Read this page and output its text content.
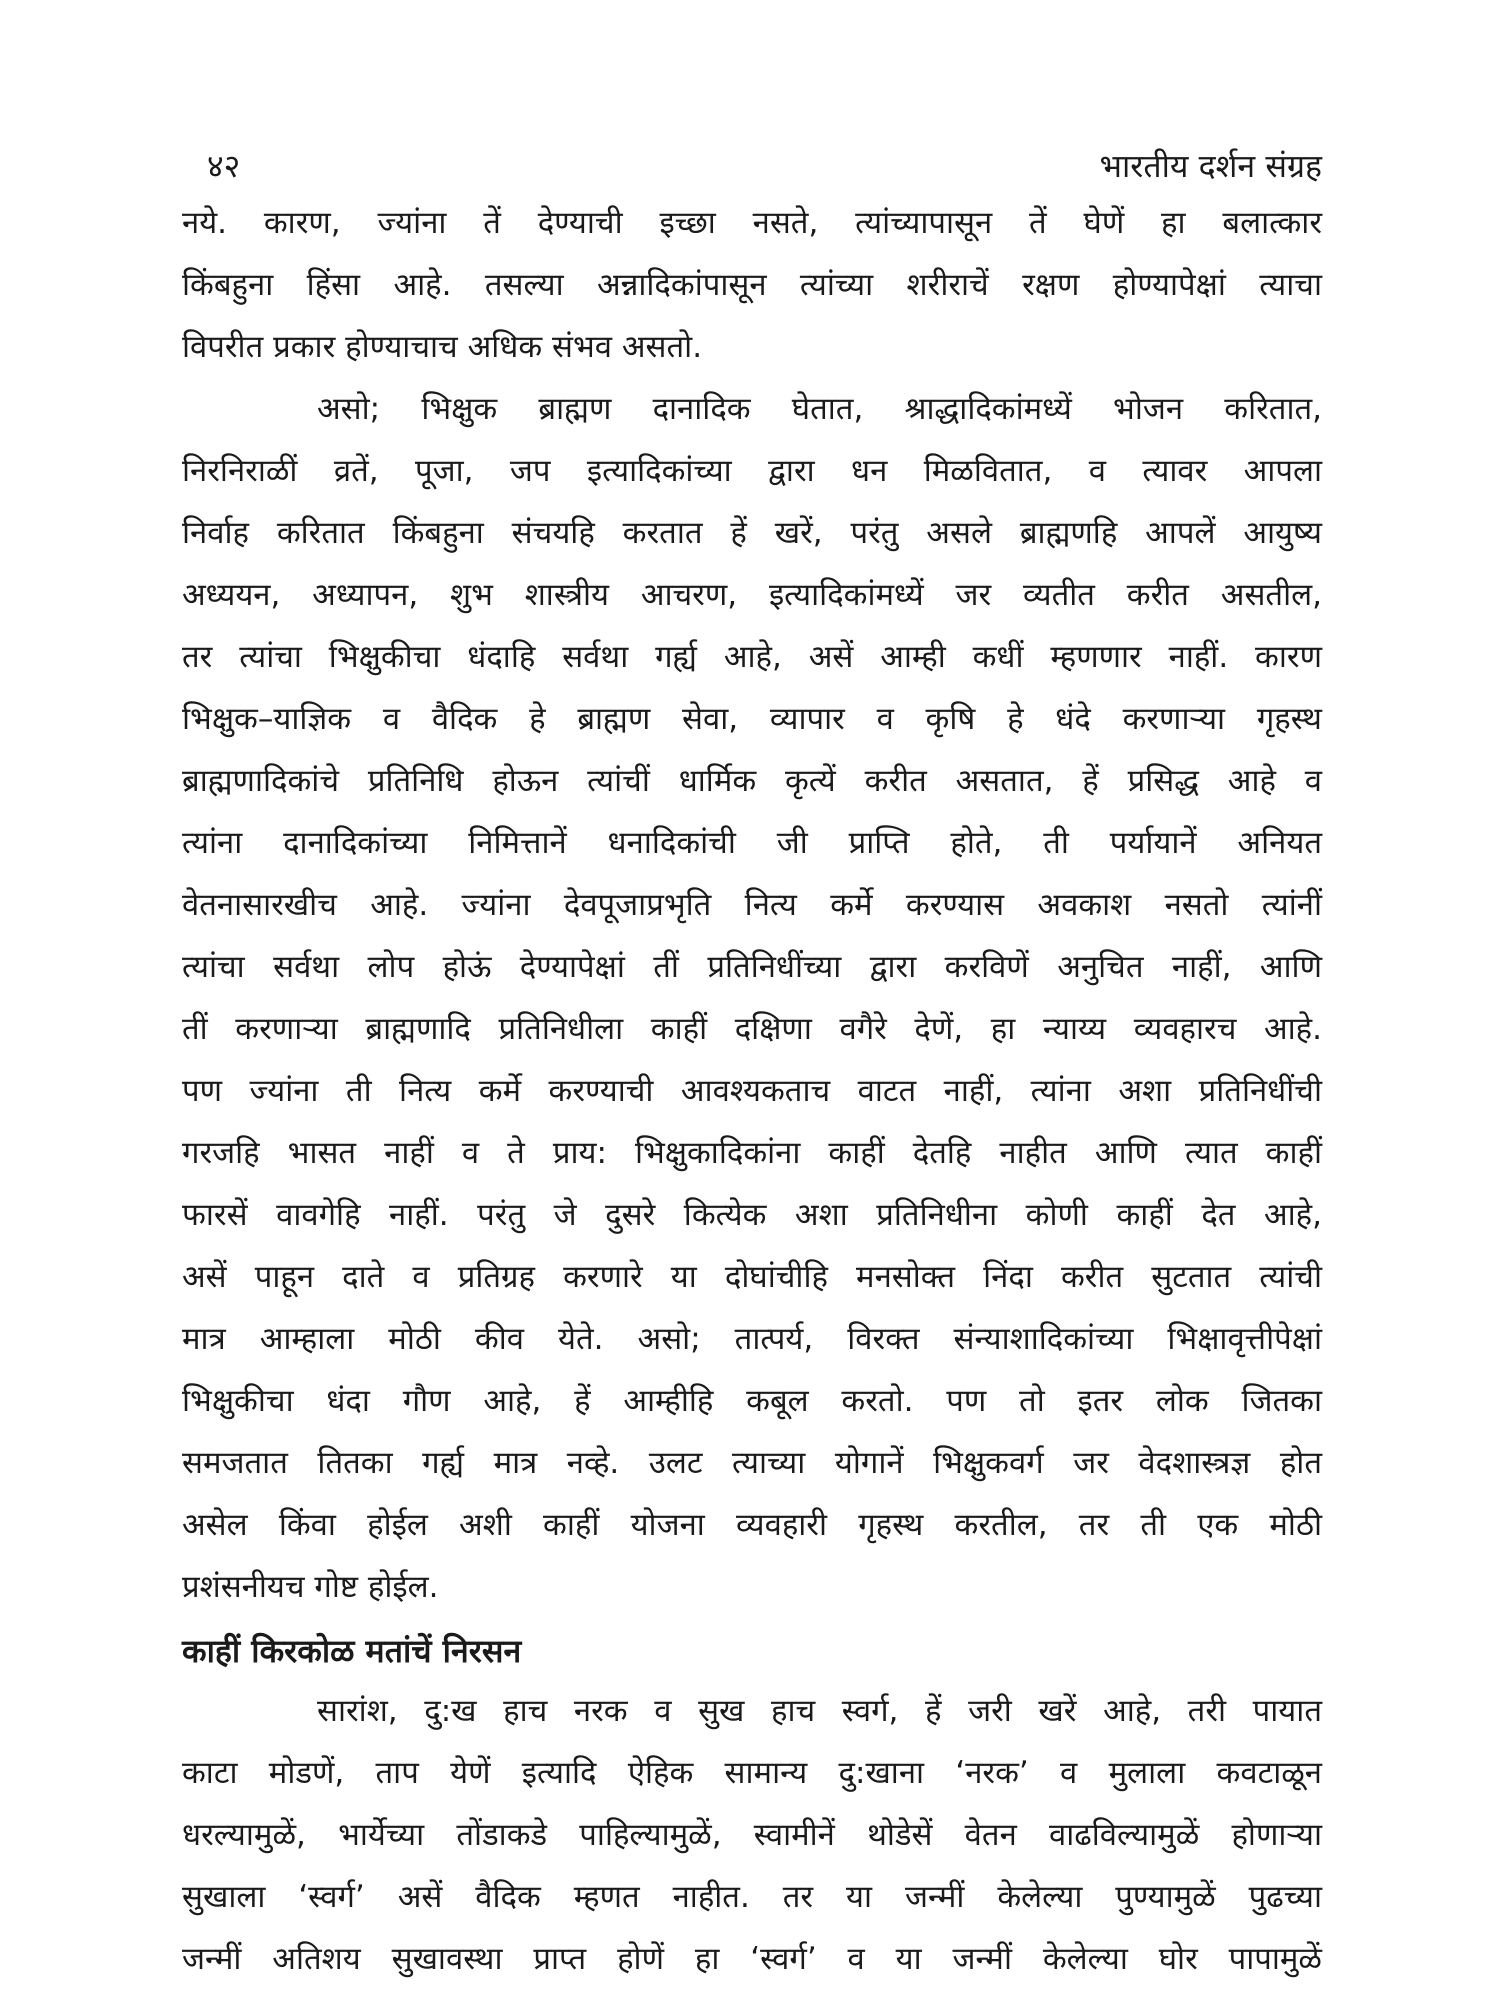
४२	भारतीय दर्शन संग्रह
नये. कारण, ज्यांना तें देण्याची इच्छा नसते, त्यांच्यापासून तें घेणें हा बलात्कार
किंबहुना हिंसा आहे. तसल्या अन्नादिकांपासून त्यांच्या शरीराचें रक्षण होण्यापेक्षां त्याचा
विपरीत प्रकार होण्याचाच अधिक संभव असतो.
असो; भिक्षुक ब्राह्मण दानादिक घेतात, श्राद्धादिकांमध्यें भोजन करितात,
निरनिराळीं व्रतें, पूजा, जप इत्यादिकांच्या द्वारा धन मिळवितात, व त्यावर आपला
निर्वाह करितात किंबहुना संचयहि करतात हें खरें, परंतु असले ब्राह्मणहि आपलें आयुष्य
अध्ययन, अध्यापन, शुभ शास्त्रीय आचरण, इत्यादिकांमध्यें जर व्यतीत करीत असतील,
तर त्यांचा भिक्षुकीचा धंदाहि सर्वथा गर्ह्य आहे, असें आम्ही कधीं म्हणणार नाहीं. कारण
भिक्षुक–याज्ञिक व वैदिक हे ब्राह्मण सेवा, व्यापार व कृषि हे धंदे करणाऱ्या गृहस्थ
ब्राह्मणादिकांचे प्रतिनिधि होऊन त्यांचीं धार्मिक कृत्यें करीत असतात, हें प्रसिद्ध आहे व
त्यांना दानादिकांच्या निमित्तानें धनादिकांची जी प्राप्ति होते, ती पर्यायानें अनियत
वेतनासारखीच आहे. ज्यांना देवपूजाप्रभृति नित्य कर्मे करण्यास अवकाश नसतो त्यांनीं
त्यांचा सर्वथा लोप होऊं देण्यापेक्षां तीं प्रतिनिधींच्या द्वारा करविणें अनुचित नाहीं, आणि
तीं करणाऱ्या ब्राह्मणादि प्रतिनिधीला काहीं दक्षिणा वगैरे देणें, हा न्याय्य व्यवहारच आहे.
पण ज्यांना ती नित्य कर्मे करण्याची आवश्यकताच वाटत नाहीं, त्यांना अशा प्रतिनिधींची
गरजहि भासत नाहीं व ते प्राय: भिक्षुकादिकांना काहीं देतहि नाहीत आणि त्यात काहीं
फारसें वावगेहि नाहीं. परंतु जे दुसरे कित्येक अशा प्रतिनिधीना कोणी काहीं देत आहे,
असें पाहून दाते व प्रतिग्रह करणारे या दोघांचीहि मनसोक्त निंदा करीत सुटतात त्यांची
मात्र आम्हाला मोठी कीव येते. असो; तात्पर्य, विरक्त संन्याशादिकांच्या भिक्षावृत्तीपेक्षां
भिक्षुकीचा धंदा गौण आहे, हें आम्हीहि कबूल करतो. पण तो इतर लोक जितका
समजतात तितका गर्ह्य मात्र नव्हे. उलट त्याच्या योगानें भिक्षुकवर्ग जर वेदशास्त्रज्ञ होत
असेल किंवा होईल अशी काहीं योजना व्यवहारी गृहस्थ करतील, तर ती एक मोठी
प्रशंसनीयच गोष्ट होईल.
काहीं किरकोळ मतांचें निरसन
सारांश, दु:ख हाच नरक व सुख हाच स्वर्ग, हें जरी खरें आहे, तरी पायात
काटा मोडणें, ताप येणें इत्यादि ऐहिक सामान्य दु:खाना ‘नरक’ व मुलाला कवटाळून
धरल्यामुळें, भार्येच्या तोंडाकडे पाहिल्यामुळें, स्वामीनें थोडेसें वेतन वाढविल्यामुळें होणाऱ्या
सुखाला ‘स्वर्ग’ असें वैदिक म्हणत नाहीत. तर या जन्मीं केलेल्या पुण्यामुळें पुढच्या
जन्मीं अतिशय सुखावस्था प्राप्त होणें हा ‘स्वर्ग’ व या जन्मीं केलेल्या घोर पापामुळें
